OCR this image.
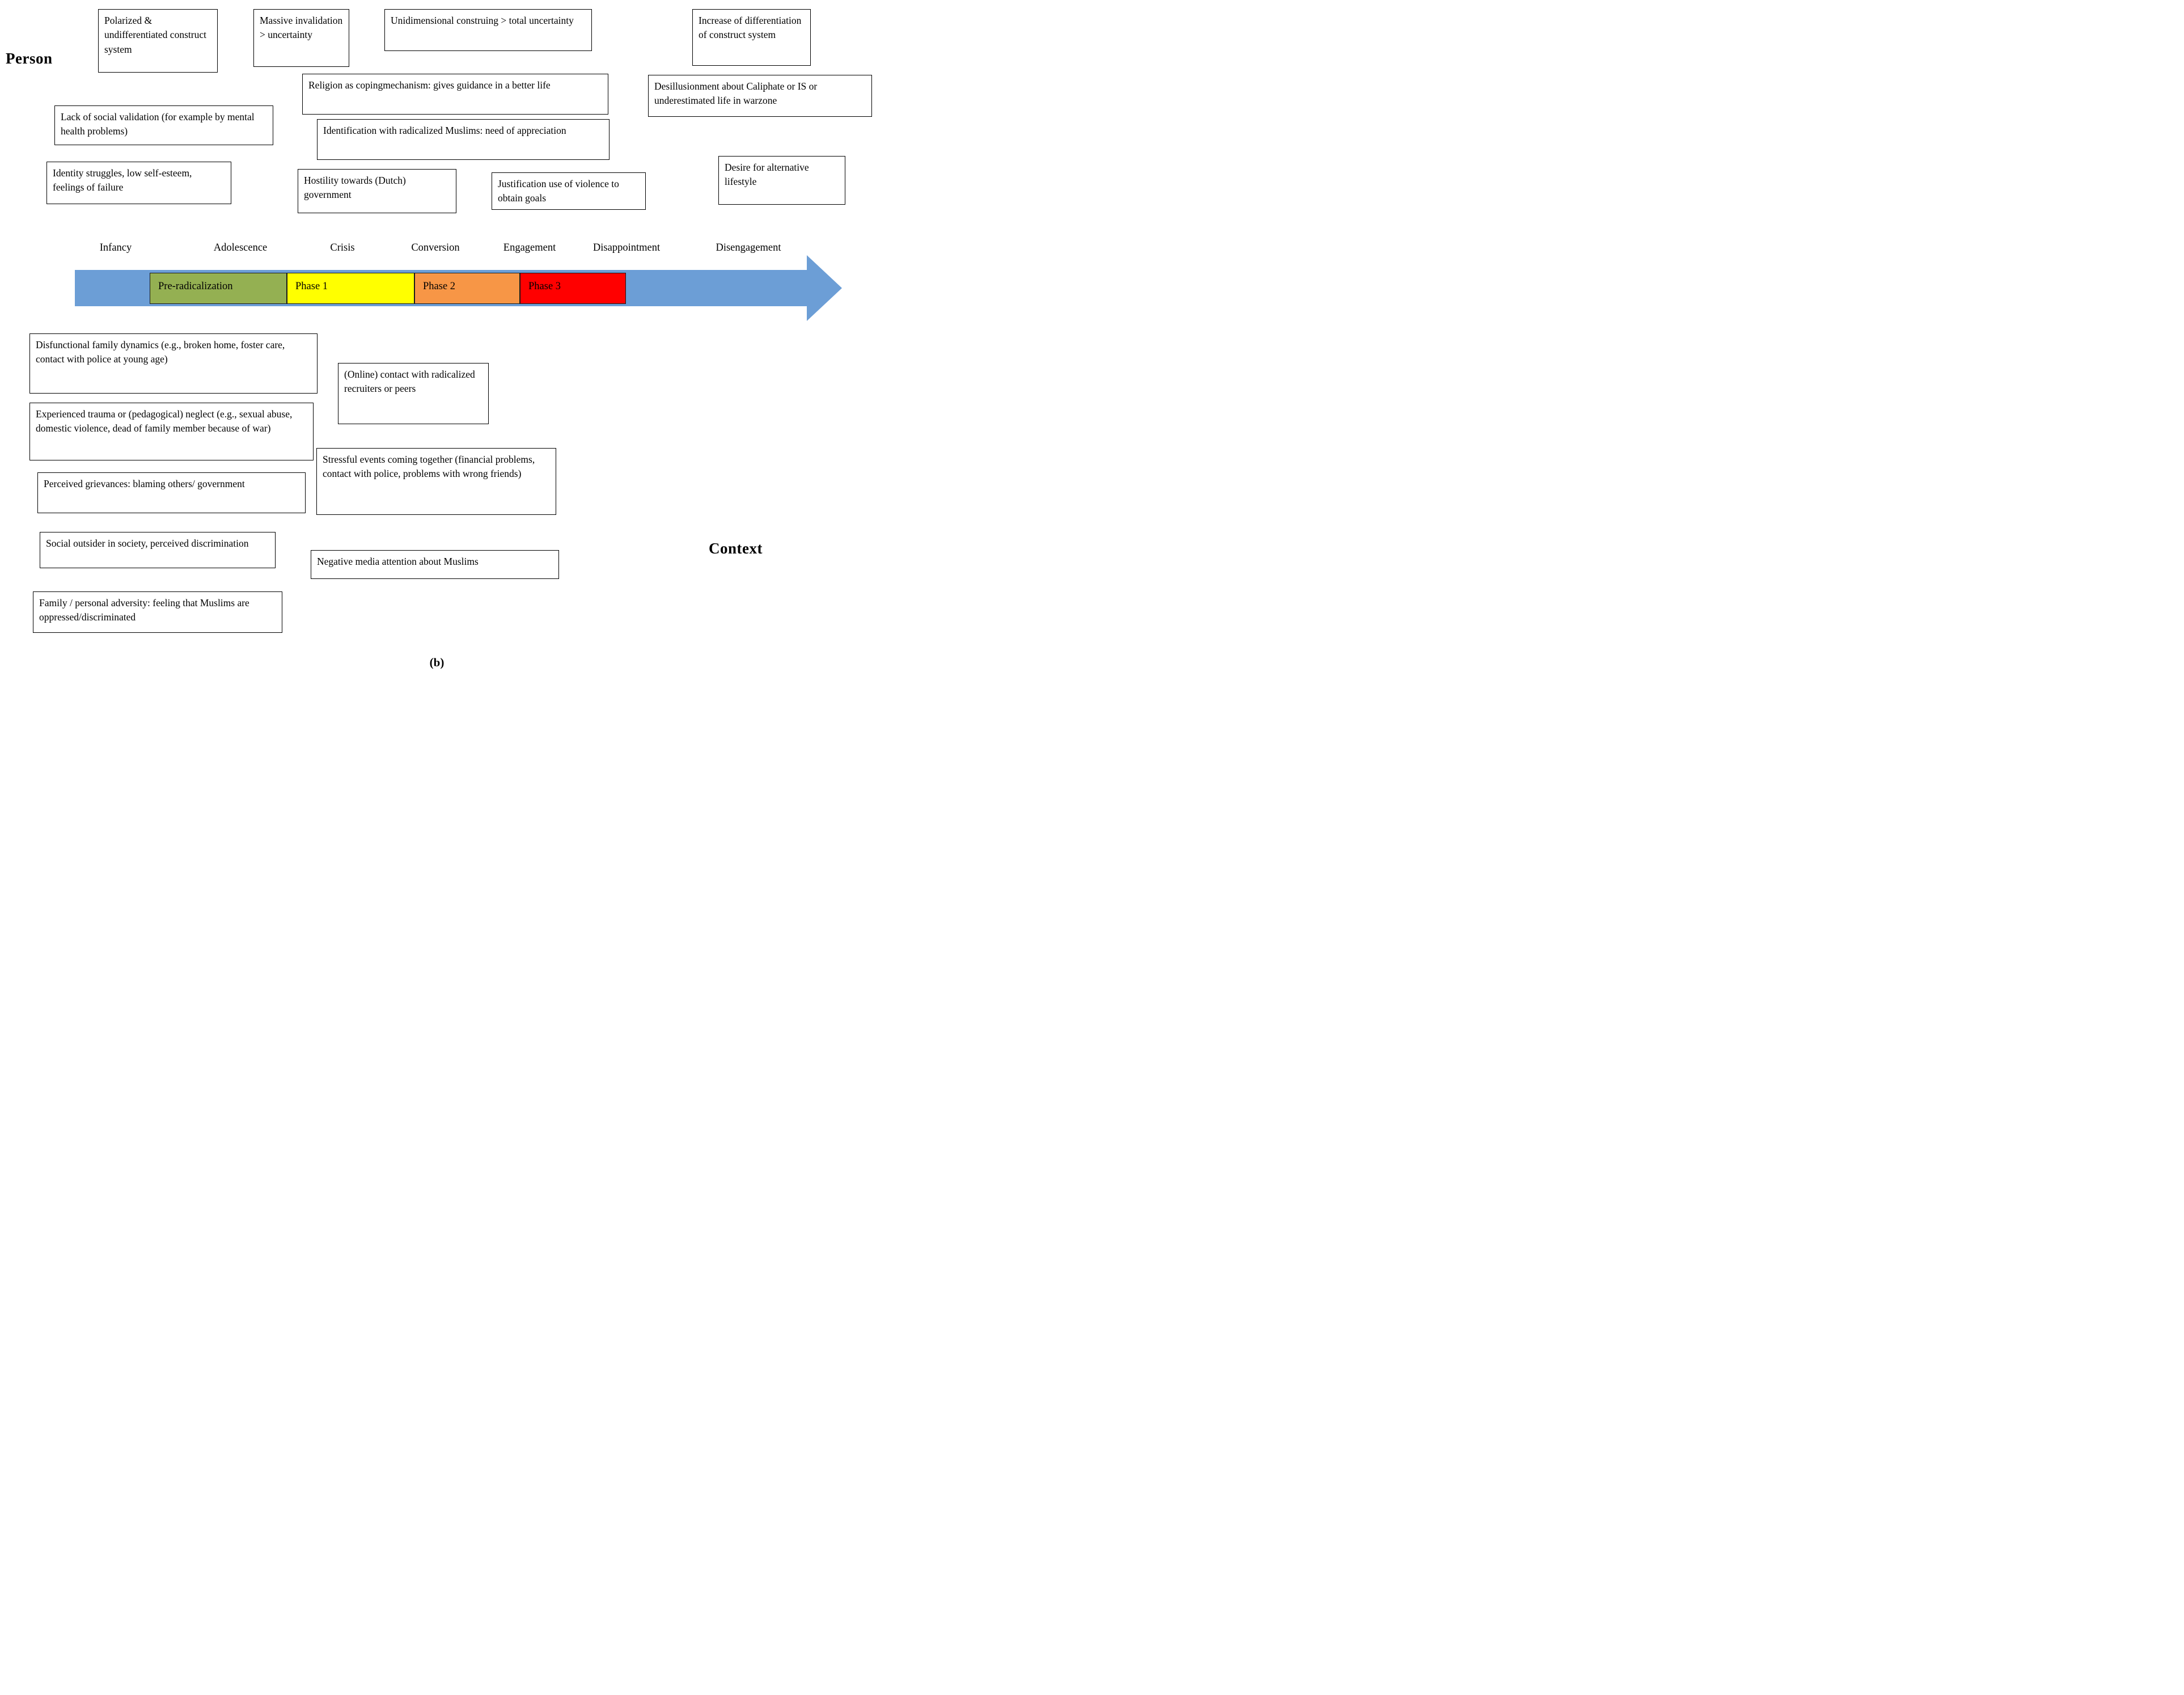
Person
Context
Polarized & undifferentiated construct system
Massive invalidation > uncertainty
Unidimensional construing > total uncertainty	Increase of differentiation of construct system
Lack of social validation (for example by mental health problems)
Religion as copingmechanism: gives guidance in a better life
Identification with radicalized Muslims: need of appreciation
Desillusionment about Caliphate or IS or underestimated life in warzone
Identity struggles, low self-esteem, feelings of failure
Hostility towards (Dutch) government
Justification use of violence to obtain goals
Desire for alternative lifestyle
Infancy	Adolescence	Crisis	Conversion	Engagement	Disappointment	Disengagement
Pre-radicalization	Phase 1	Phase 2	Phase 3
Disfunctional family dynamics (e.g., broken home, foster care, contact with police at young age)
(Online) contact with radicalized recruiters or peers
Experienced trauma or (pedagogical) neglect (e.g., sexual abuse, domestic violence, dead of family member because of war)
Stressful events coming together (financial problems, contact with police, problems with wrong friends)
Perceived grievances: blaming others/ government
Social outsider in society, perceived discrimination
Negative media attention about Muslims
Family / personal adversity: feeling that Muslims are oppressed/discriminated
(b)
